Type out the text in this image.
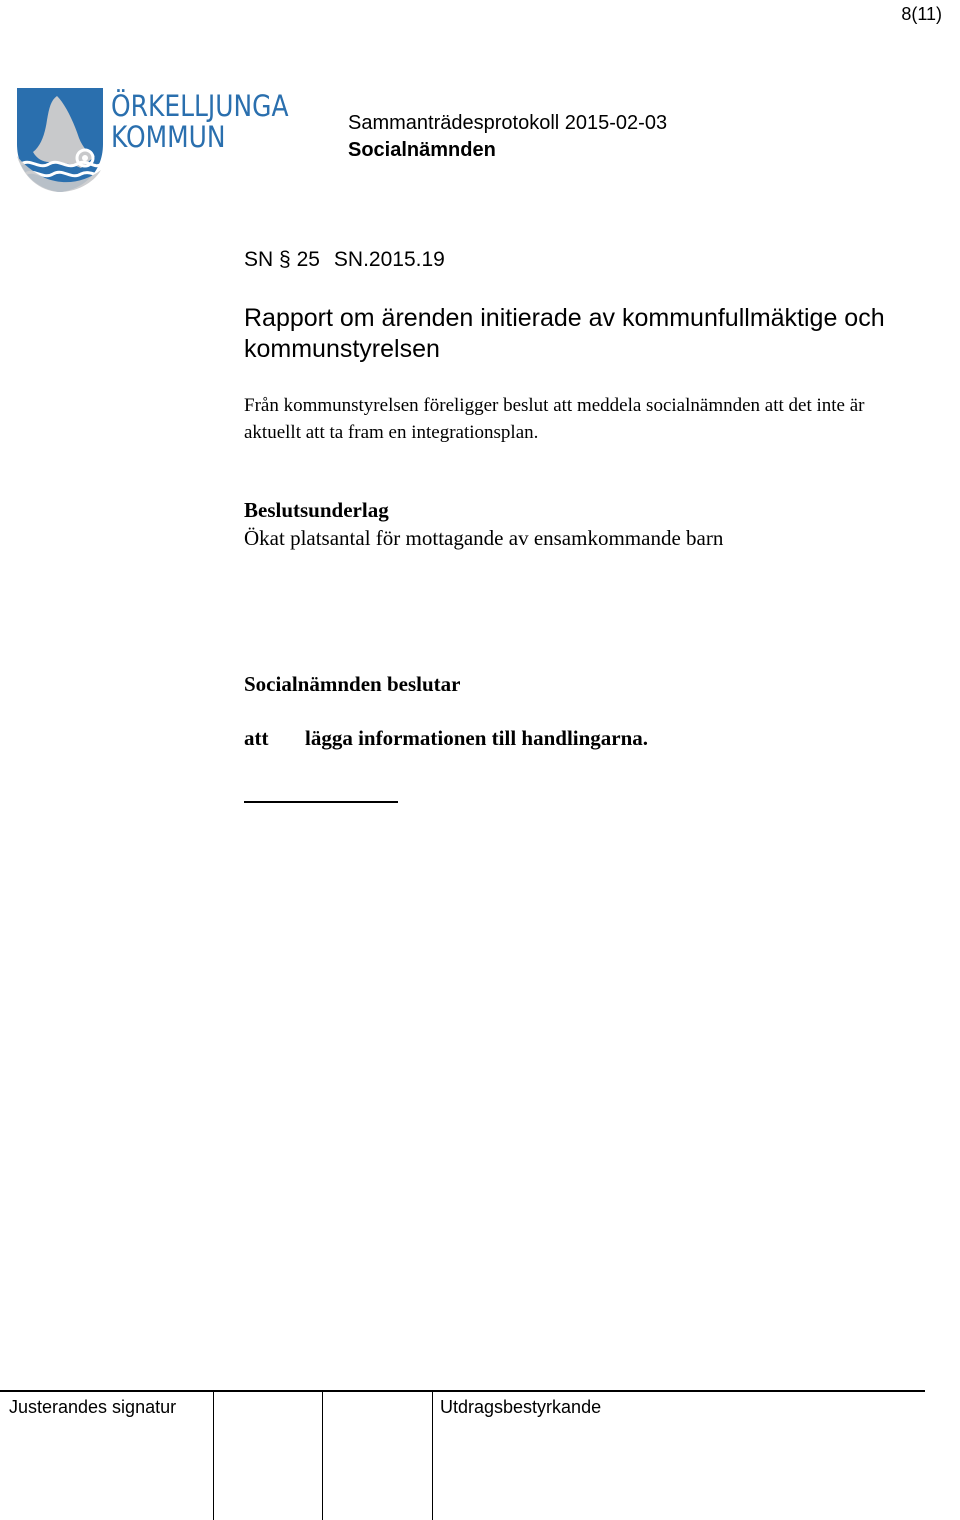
8(11)
ÖRKELLJUNGA
KOMMUN	Sammanträdesprotokoll 2015-02-03
Socialnämnden
SN § 25 SN.2015.19
Rapport om ärenden initierade av kommunfullmäktige och kommunstyrelsen
Från kommunstyrelsen föreligger beslut att meddela socialnämnden att det inte är aktuellt att ta fram en integrationsplan.
Beslutsunderlag
Ökat platsantal för mottagande av ensamkommande barn
Socialnämnden beslutar
att lägga informationen till handlingarna.
Justerandes signatur	Utdragsbestyrkande
